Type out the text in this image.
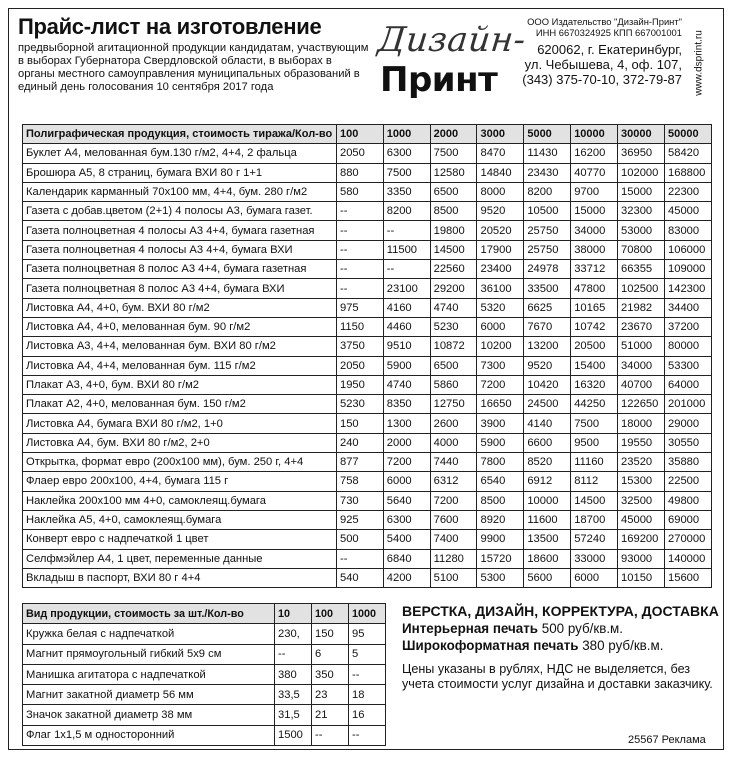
Прайс-лист на изготовление
предвыборной агитационной продукции кандидатам, участвующим в выборах Губернатора Свердловской области, в выборах в органы местного самоуправления муниципальных образований в единый день голосования 10 сентября 2017 года
Дизайн-
Принт
ООО Издательство "Дизайн-Принт"
ИНН 6670324925 КПП 667001001
620062, г. Екатеринбург,
ул. Чебышева, 4, оф. 107,
(343) 375-70-10, 372-79-87 www.dsprint.ru
Полиграфическая продукция, стоимость тиража/Кол-во	100	1000	2000	3000	5000	10000	30000	50000
Буклет А4, мелованная бум.130 г/м2, 4+4, 2 фальца	2050	6300	7500	8470	11430	16200	36950	58420
Брошюра А5, 8 страниц, бумага ВХИ 80 г 1+1	880	7500	12580	14840	23430	40770	102000	168800
Календарик карманный 70х100 мм, 4+4, бум. 280 г/м2	580	3350	6500	8000	8200	9700	15000	22300
Газета с добав.цветом (2+1) 4 полосы А3, бумага газет.	--	8200	8500	9520	10500	15000	32300	45000
Газета полноцветная 4 полосы А3 4+4, бумага газетная	--	--	19800	20520	25750	34000	53000	83000
Газета полноцветная 4 полосы А3 4+4, бумага ВХИ	--	11500	14500	17900	25750	38000	70800	106000
Газета полноцветная 8 полос А3 4+4, бумага газетная	--	--	22560	23400	24978	33712	66355	109000
Газета полноцветная 8 полос А3 4+4, бумага ВХИ	--	23100	29200	36100	33500	47800	102500	142300
Листовка А4, 4+0, бум. ВХИ 80 г/м2	975	4160	4740	5320	6625	10165	21982	34400
Листовка А4, 4+0, мелованная бум. 90 г/м2	1150	4460	5230	6000	7670	10742	23670	37200
Листовка А3, 4+4, мелованная бум. ВХИ 80 г/м2	3750	9510	10872	10200	13200	20500	51000	80000
Листовка А4, 4+4, мелованная бум. 115 г/м2	2050	5900	6500	7300	9520	15400	34000	53300
Плакат А3, 4+0, бум. ВХИ 80 г/м2	1950	4740	5860	7200	10420	16320	40700	64000
Плакат А2, 4+0, мелованная бум. 150 г/м2	5230	8350	12750	16650	24500	44250	122650	201000
Листовка А4, бумага ВХИ 80 г/м2, 1+0	150	1300	2600	3900	4140	7500	18000	29000
Листовка А4, бум. ВХИ 80 г/м2, 2+0	240	2000	4000	5900	6600	9500	19550	30550
Открытка, формат евро (200х100 мм), бум. 250 г, 4+4	877	7200	7440	7800	8520	11160	23520	35880
Флаер евро 200х100, 4+4, бумага 115 г	758	6000	6312	6540	6912	8112	15300	22500
Наклейка 200х100 мм 4+0, самоклеящ.бумага	730	5640	7200	8500	10000	14500	32500	49800
Наклейка А5, 4+0, самоклеящ.бумага	925	6300	7600	8920	11600	18700	45000	69000
Конверт евро с надпечаткой 1 цвет	500	5400	7400	9900	13500	57240	169200	270000
Селфмэйлер А4, 1 цвет, переменные данные	--	6840	11280	15720	18600	33000	93000	140000
Вкладыш в паспорт, ВХИ 80 г 4+4	540	4200	5100	5300	5600	6000	10150	15600
Вид продукции, стоимость за шт./Кол-во	10	100	1000
Кружка белая с надпечаткой	230,	150	95
Магнит прямоугольный гибкий 5х9 см	--	6	5
Манишка агитатора с надпечаткой	380	350	--
Магнит закатной диаметр 56 мм	33,5	23	18
Значок закатной диаметр 38 мм	31,5	21	16
Флаг 1х1,5 м односторонний	1500	--	--
ВЕРСТКА, ДИЗАЙН, КОРРЕКТУРА, ДОСТАВКА
Интерьерная печать 500 руб/кв.м.
Широкоформатная печать 380 руб/кв.м.
Цены указаны в рублях, НДС не выделяется, без учета стоимости услуг дизайна и доставки заказчику.
25567 Реклама
